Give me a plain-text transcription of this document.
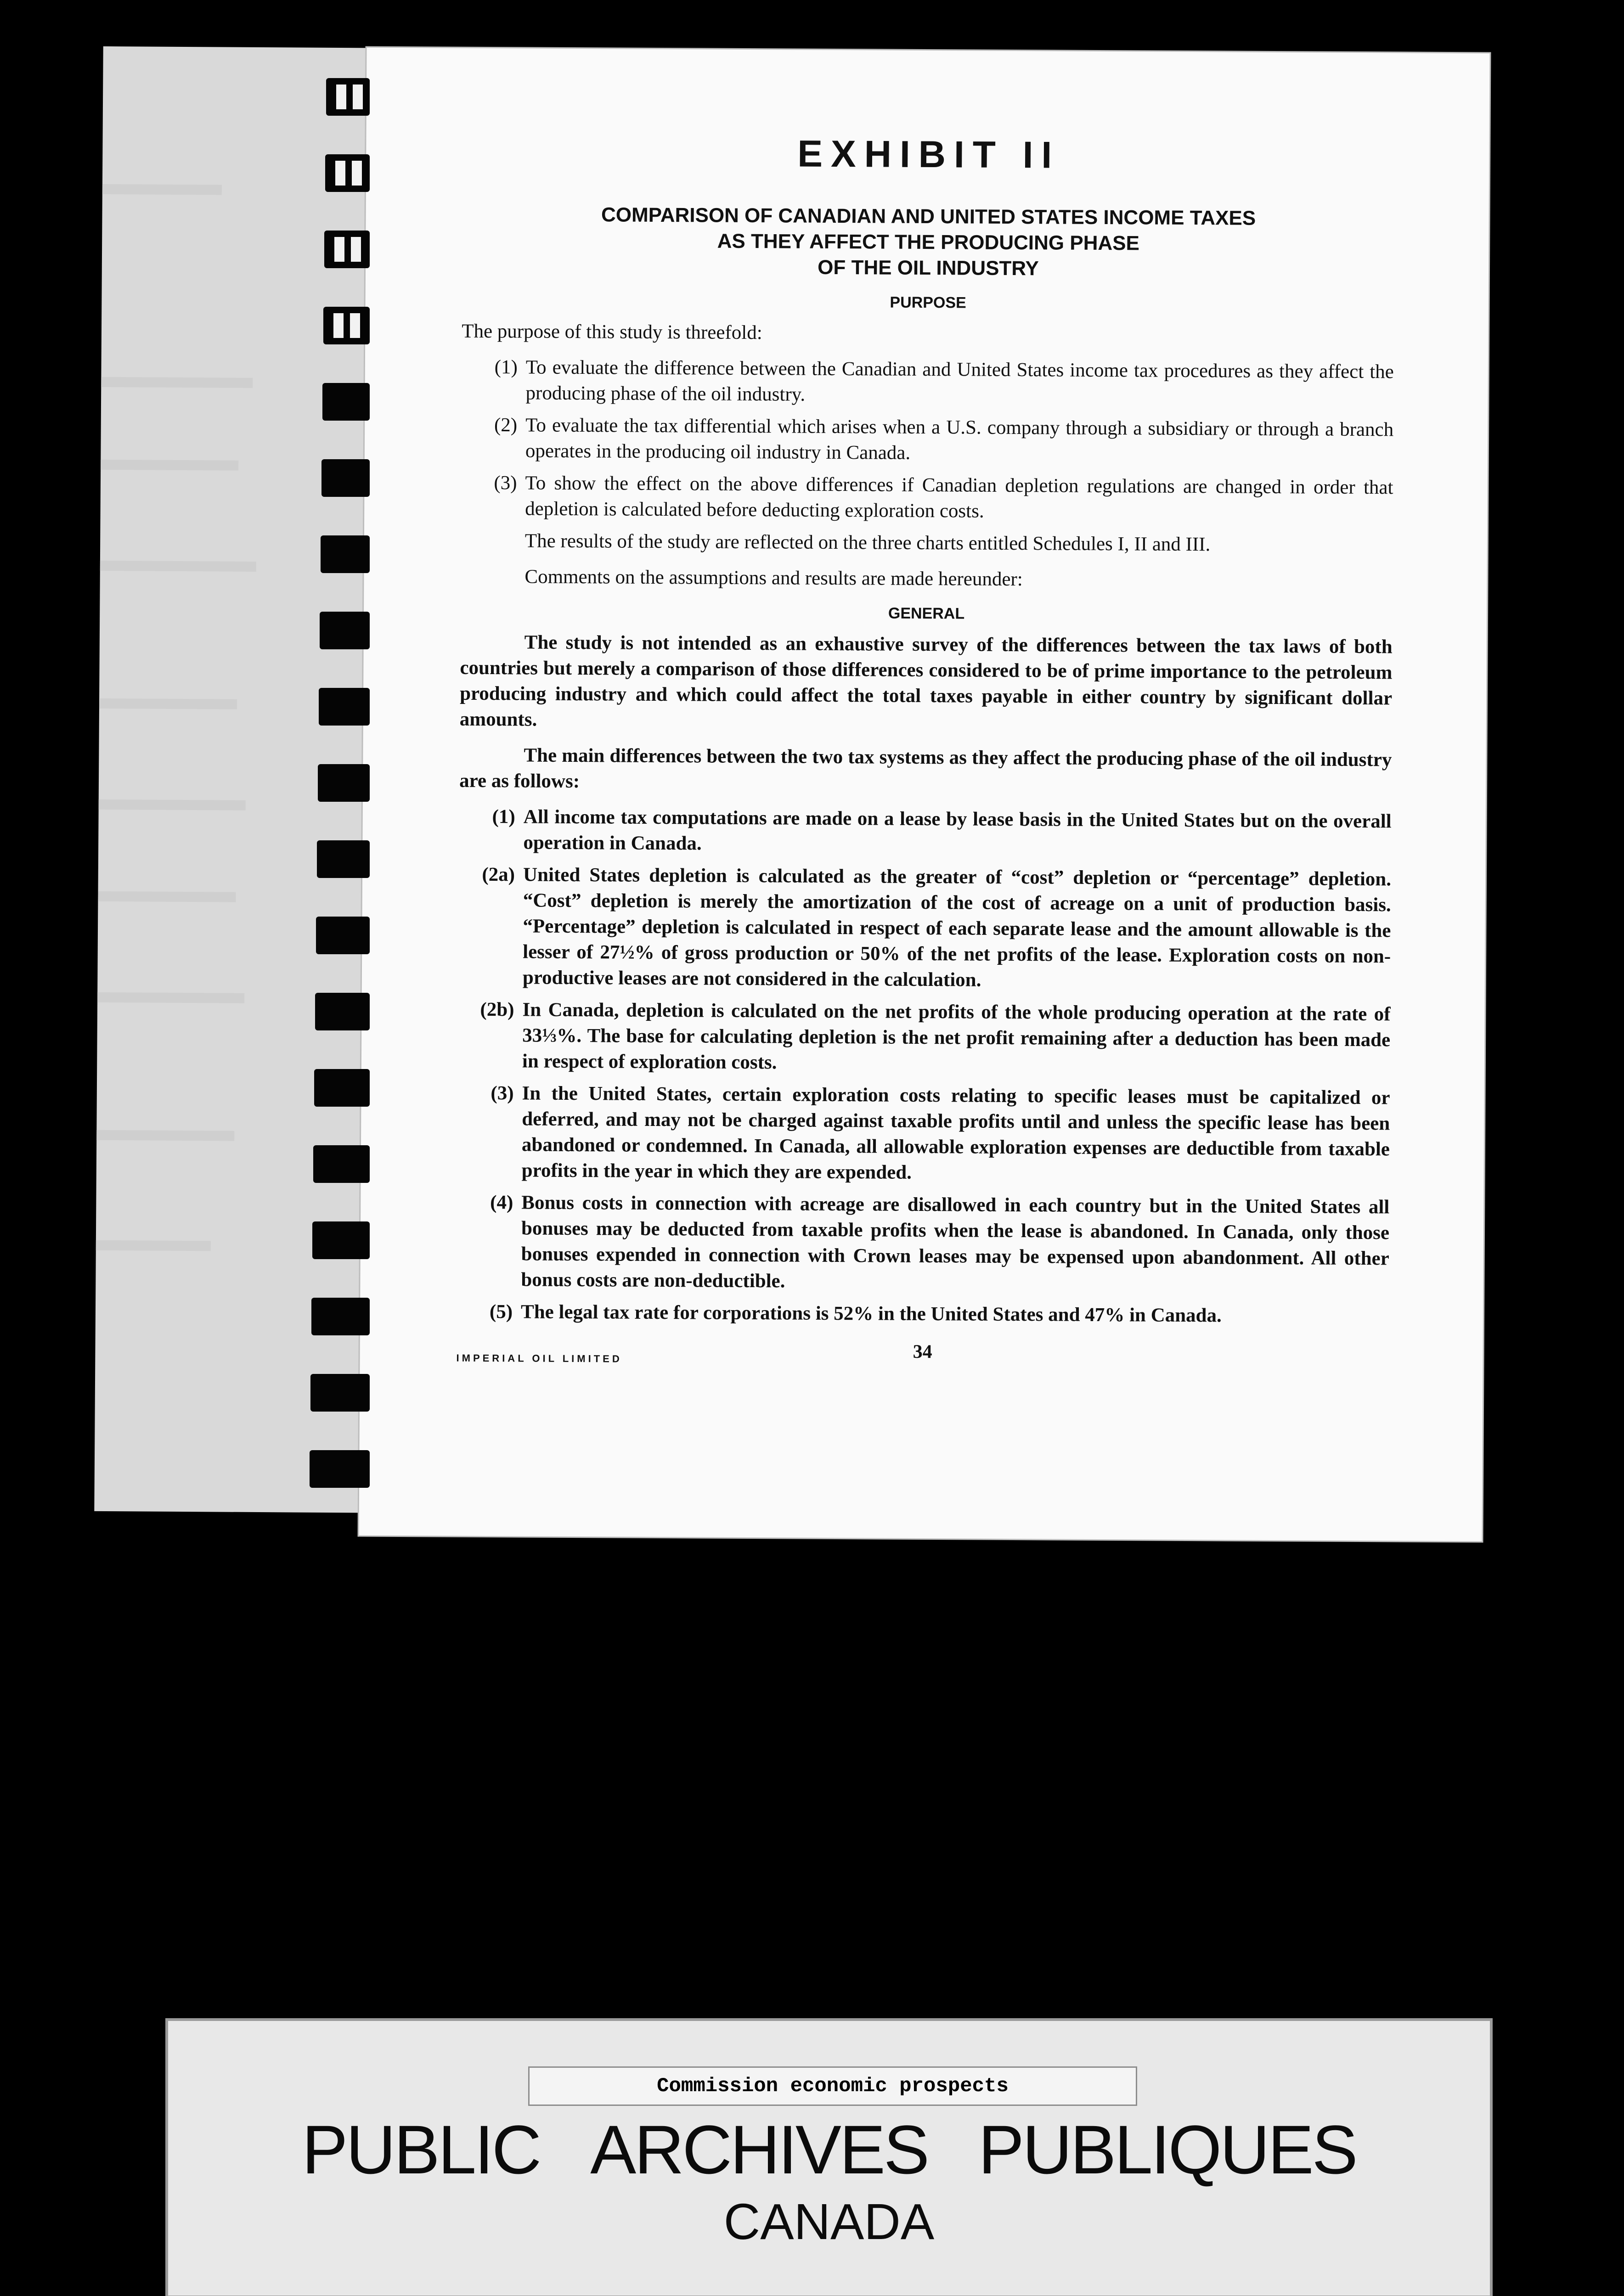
EXHIBIT II
COMPARISON OF CANADIAN AND UNITED STATES INCOME TAXES
AS THEY AFFECT THE PRODUCING PHASE
OF THE OIL INDUSTRY
PURPOSE

The purpose of this study is threefold:

(1) To evaluate the difference between the Canadian and United States income tax procedures as they affect the producing phase of the oil industry.
(2) To evaluate the tax differential which arises when a U.S. company through a subsidiary or through a branch operates in the producing oil industry in Canada.
(3) To show the effect on the above differences if Canadian depletion regulations are changed in order that depletion is calculated before deducting exploration costs.

The results of the study are reflected on the three charts entitled Schedules I, II and III.

Comments on the assumptions and results are made hereunder:

GENERAL

The study is not intended as an exhaustive survey of the differences between the tax laws of both countries but merely a comparison of those differences considered to be of prime importance to the petroleum producing industry and which could affect the total taxes payable in either country by significant dollar amounts.

The main differences between the two tax systems as they affect the producing phase of the oil industry are as follows:

(1) All income tax computations are made on a lease by lease basis in the United States but on the overall operation in Canada.
(2a) United States depletion is calculated as the greater of “cost” depletion or “percentage” depletion. “Cost” depletion is merely the amortization of the cost of acreage on a unit of production basis. “Percentage” depletion is calculated in respect of each separate lease and the amount allowable is the lesser of 27½% of gross production or 50% of the net profits of the lease. Exploration costs on non-productive leases are not considered in the calculation.
(2b) In Canada, depletion is calculated on the net profits of the whole producing operation at the rate of 33⅓%. The base for calculating depletion is the net profit remaining after a deduction has been made in respect of exploration costs.
(3) In the United States, certain exploration costs relating to specific leases must be capitalized or deferred, and may not be charged against taxable profits until and unless the specific lease has been abandoned or condemned. In Canada, all allowable exploration expenses are deductible from taxable profits in the year in which they are expended.
(4) Bonus costs in connection with acreage are disallowed in each country but in the United States all bonuses may be deducted from taxable profits when the lease is abandoned. In Canada, only those bonuses expended in connection with Crown leases may be expensed upon abandonment. All other bonus costs are non-deductible.
(5) The legal tax rate for corporations is 52% in the United States and 47% in Canada.
IMPERIAL OIL LIMITED	34
Commission economic prospects
PUBLIC ARCHIVES PUBLIQUES
CANADA
